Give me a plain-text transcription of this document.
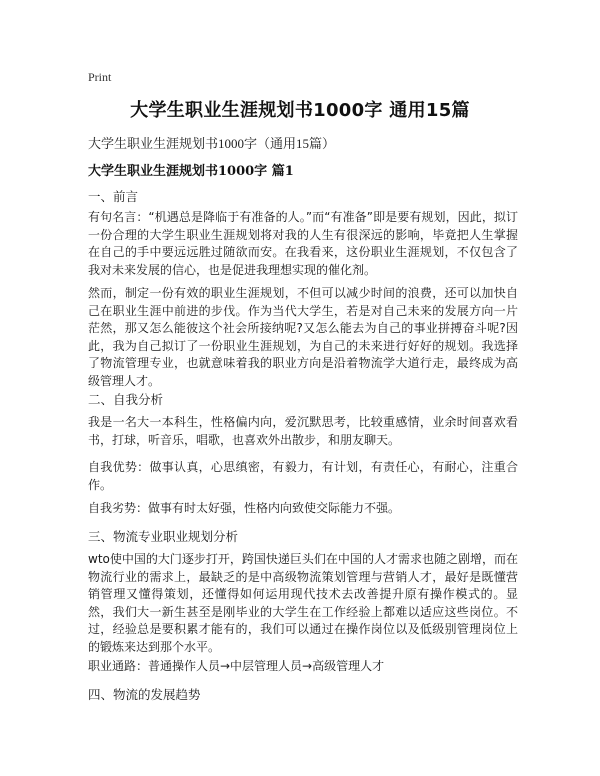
Print
大学生职业生涯规划书1000字 通用15篇
大学生职业生涯规划书1000字（通用15篇）
大学生职业生涯规划书1000字 篇1
一、前言
有句名言：“机遇总是降临于有准备的人。”而“有准备”即是要有规划，因此，拟订一份合理的大学生职业生涯规划将对我的人生有很深远的影响，毕竟把人生掌握在自己的手中要远远胜过随欲而安。在我看来，这份职业生涯规划，不仅包含了我对未来发展的信心，也是促进我理想实现的催化剂。
然而，制定一份有效的职业生涯规划，不但可以减少时间的浪费，还可以加快自己在职业生涯中前进的步伐。作为当代大学生，若是对自己未来的发展方向一片茫然，那又怎么能彼这个社会所接纳呢?又怎么能去为自己的事业拼搏奋斗呢?因此，我为自己拟订了一份职业生涯规划，为自己的未来进行好好的规划。我选择了物流管理专业，也就意味着我的职业方向是沿着物流学大道行走，最终成为高级管理人才。
二、自我分析
我是一名大一本科生，性格偏内向，爱沉默思考，比较重感情，业余时间喜欢看书，打球，听音乐，唱歌，也喜欢外出散步，和朋友聊天。
自我优势：做事认真，心思缜密，有毅力，有计划，有责任心，有耐心，注重合作。
自我劣势：做事有时太好强，性格内向致使交际能力不强。
三、物流专业职业规划分析
wto使中国的大门逐步打开，跨国快递巨头们在中国的人才需求也随之剧增，而在物流行业的需求上，最缺乏的是中高级物流策划管理与营销人才，最好是既懂营销管理又懂得策划，还懂得如何运用现代技术去改善提升原有操作模式的。显然，我们大一新生甚至是刚毕业的大学生在工作经验上都难以适应这些岗位。不过，经验总是要积累才能有的，我们可以通过在操作岗位以及低级别管理岗位上的锻炼来达到那个水平。
职业通路：普通操作人员→中层管理人员→高级管理人才
四、物流的发展趋势
